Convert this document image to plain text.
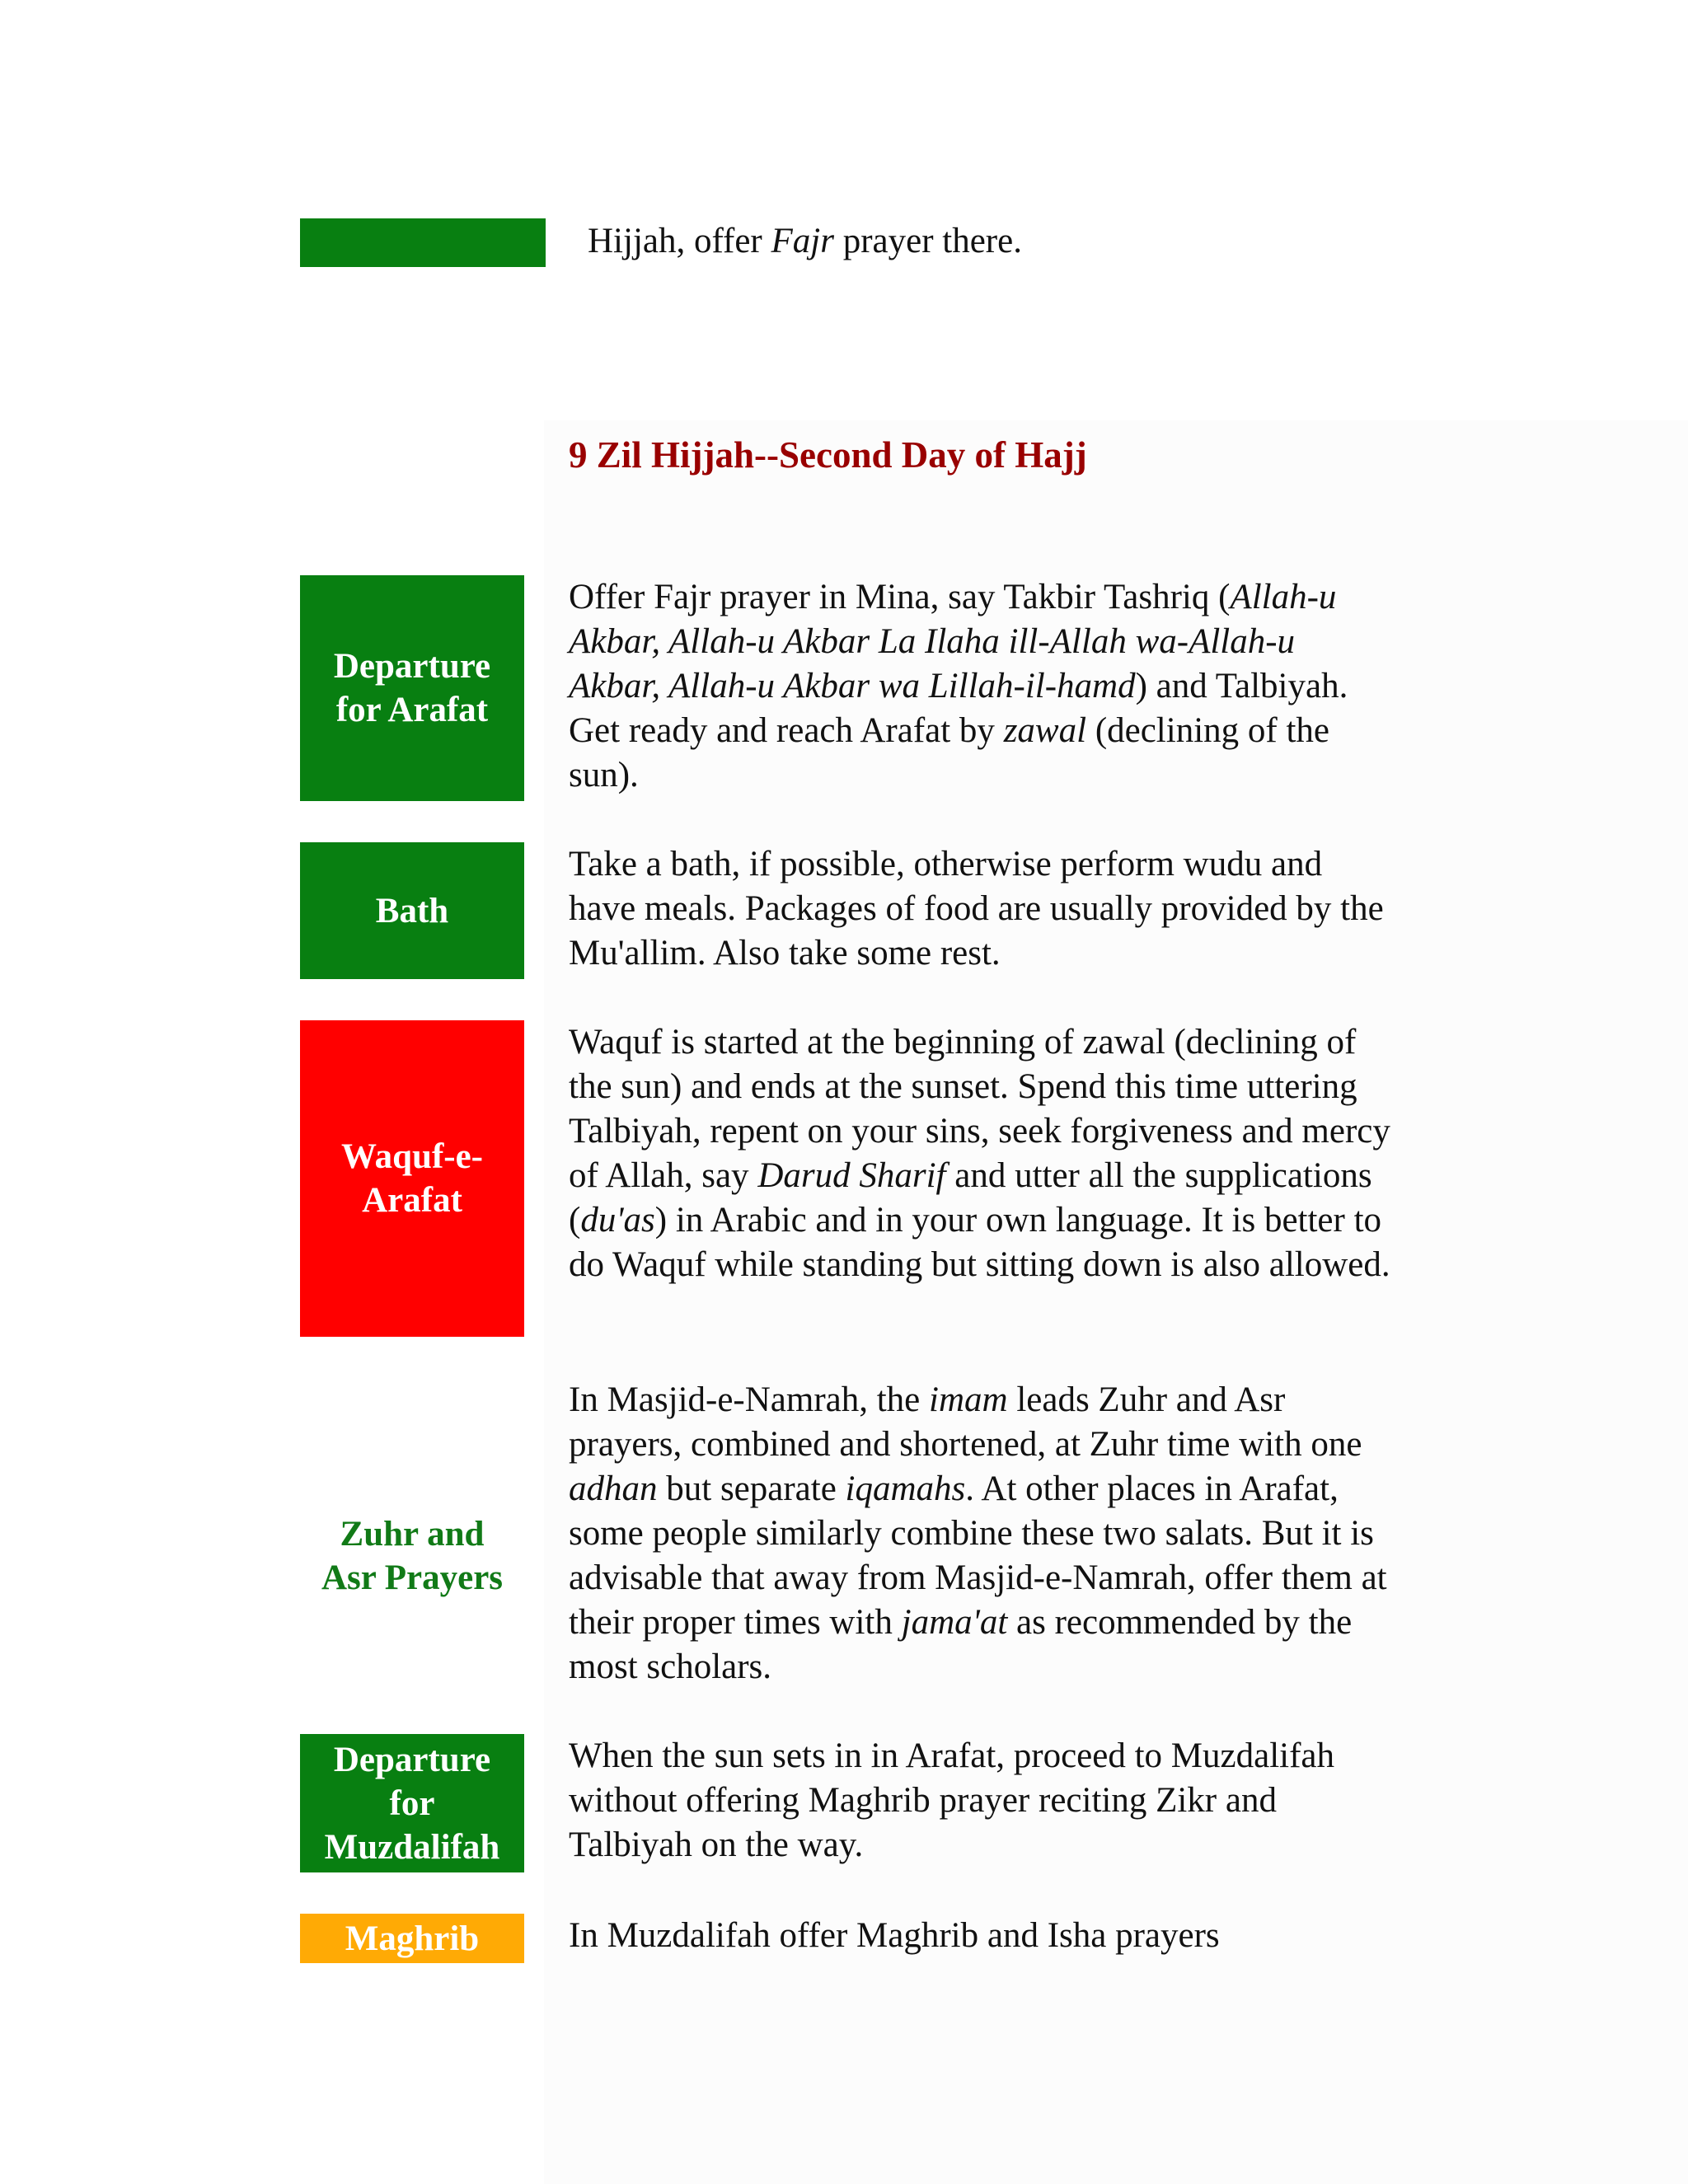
Hijjah, offer Fajr prayer there.
9 Zil Hijjah--Second Day of Hajj
Departure
for Arafat
Offer Fajr prayer in Mina, say Takbir Tashriq (Allah-u Akbar, Allah-u Akbar La Ilaha ill-Allah wa-Allah-u Akbar, Allah-u Akbar wa Lillah-il-hamd) and Talbiyah. Get ready and reach Arafat by zawal (declining of the sun).
Bath
Take a bath, if possible, otherwise perform wudu and have meals. Packages of food are usually provided by the Mu'allim. Also take some rest.
Waquf-e-
Arafat
Waquf is started at the beginning of zawal (declining of the sun) and ends at the sunset. Spend this time uttering Talbiyah, repent on your sins, seek forgiveness and mercy of Allah, say Darud Sharif and utter all the supplications (du'as) in Arabic and in your own language. It is better to do Waquf while standing but sitting down is also allowed.
Zuhr and
Asr Prayers
In Masjid-e-Namrah, the imam leads Zuhr and Asr prayers, combined and shortened, at Zuhr time with one adhan but separate iqamahs. At other places in Arafat, some people similarly combine these two salats. But it is advisable that away from Masjid-e-Namrah, offer them at their proper times with jama'at as recommended by the most scholars.
Departure
for
Muzdalifah
When the sun sets in in Arafat, proceed to Muzdalifah without offering Maghrib prayer reciting Zikr and Talbiyah on the way.
Maghrib	In Muzdalifah offer Maghrib and Isha prayers
